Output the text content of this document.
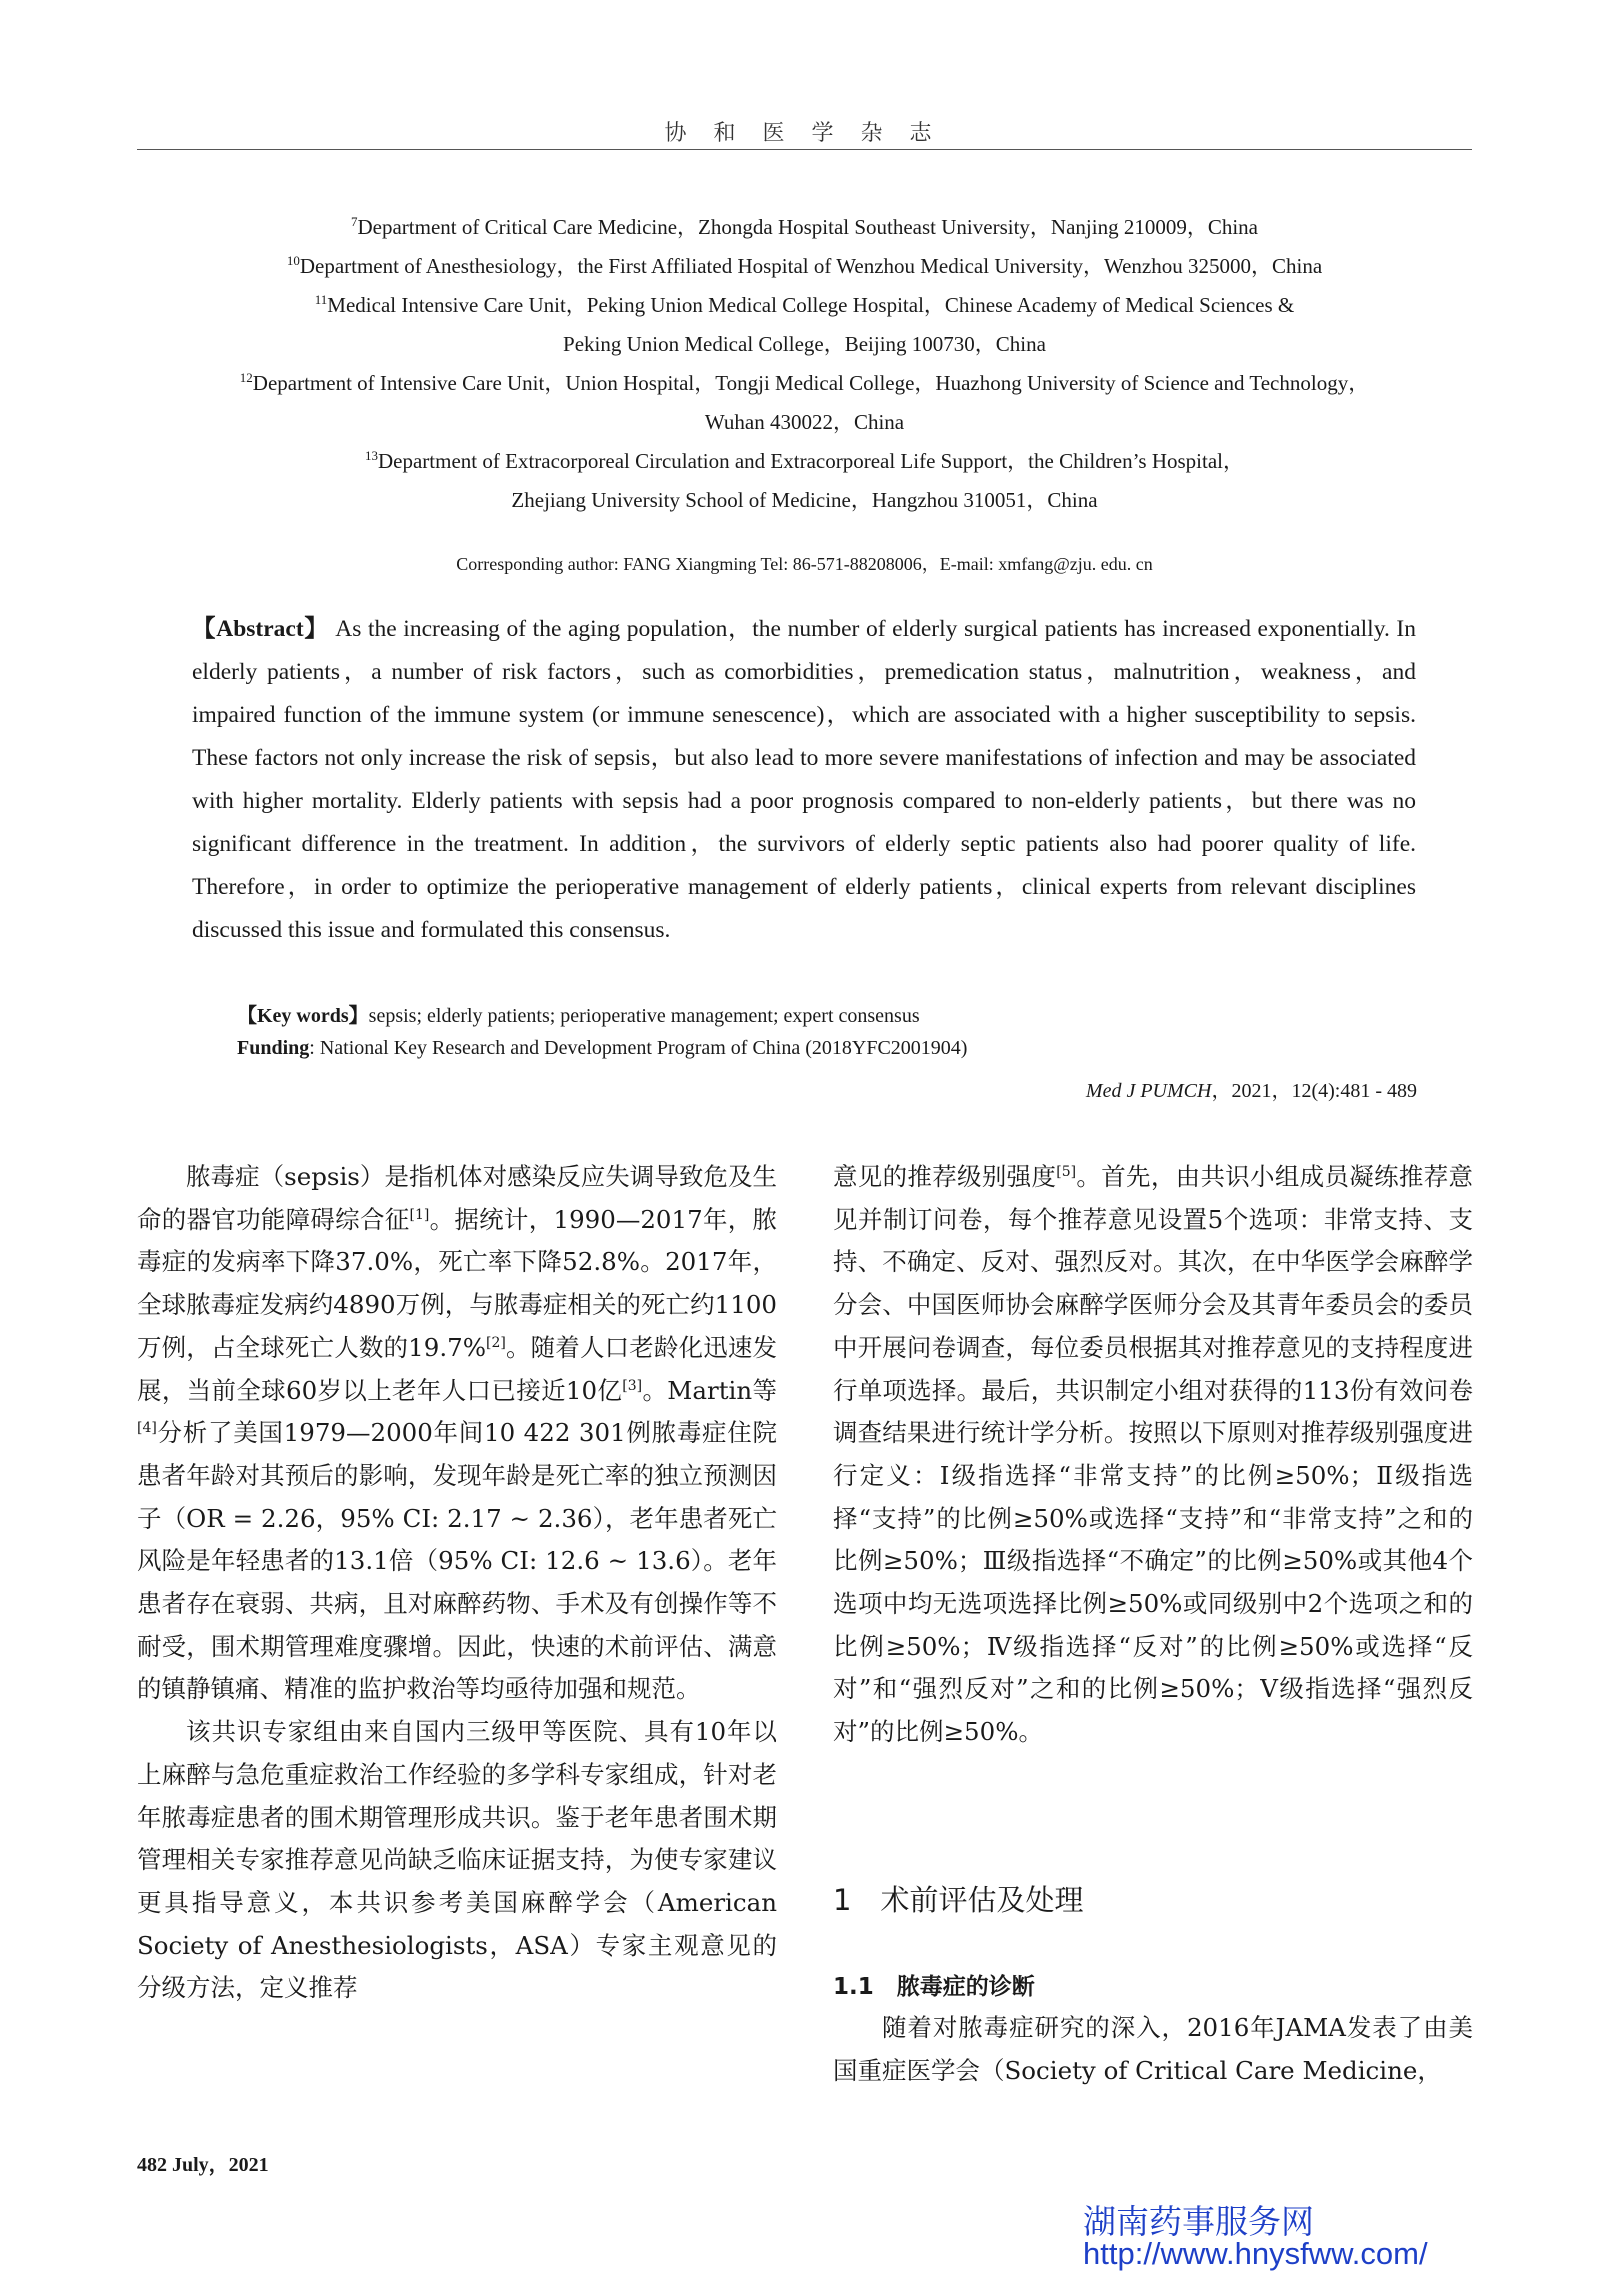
协 和 医 学 杂 志
$^7$Department of Critical Care Medicine，Zhongda Hospital Southeast University，Nanjing 210009，China
$^{10}$Department of Anesthesiology，the First Affiliated Hospital of Wenzhou Medical University，Wenzhou 325000，China
$^{11}$Medical Intensive Care Unit，Peking Union Medical College Hospital，Chinese Academy of Medical Sciences &
Peking Union Medical College，Beijing 100730，China
$^{12}$Department of Intensive Care Unit，Union Hospital，Tongji Medical College，Huazhong University of Science and Technology，
Wuhan 430022，China
$^{13}$Department of Extracorporeal Circulation and Extracorporeal Life Support，the Children’s Hospital，
Zhejiang University School of Medicine，Hangzhou 310051，China
Corresponding author: FANG Xiangming Tel: 86-571-88208006，E-mail: xmfang@zju. edu. cn
【Abstract】 As the increasing of the aging population，the number of elderly surgical patients has increased exponentially. In elderly patients，a number of risk factors，such as comorbidities，premedication status，malnutrition，weakness，and impaired function of the immune system (or immune senescence)，which are associated with a higher susceptibility to sepsis. These factors not only increase the risk of sepsis，but also lead to more severe manifestations of infection and may be associated with higher mortality. Elderly patients with sepsis had a poor prognosis compared to non-elderly patients，but there was no significant difference in the treatment. In addition，the survivors of elderly septic patients also had poorer quality of life. Therefore，in order to optimize the perioperative management of elderly patients，clinical experts from relevant disciplines discussed this issue and formulated this consensus.
【Key words】sepsis; elderly patients; perioperative management; expert consensus
Funding: National Key Research and Development Program of China (2018YFC2001904)
Med J PUMCH，2021，12(4):481 - 489

脓毒症（sepsis）是指机体对感染反应失调导致危及生命的器官功能障碍综合征[1]。据统计，1990—2017年，脓毒症的发病率下降37.0%，死亡率下降52.8%。2017年，全球脓毒症发病约4890万例，与脓毒症相关的死亡约1100万例，占全球死亡人数的19.7%[2]。随着人口老龄化迅速发展，当前全球60岁以上老年人口已接近10亿[3]。Martin等[4]分析了美国1979—2000年间10 422 301例脓毒症住院患者年龄对其预后的影响，发现年龄是死亡率的独立预测因子（OR = 2.26，95% CI: 2.17 ~ 2.36），老年患者死亡风险是年轻患者的13.1倍（95% CI: 12.6 ~ 13.6）。老年患者存在衰弱、共病，且对麻醉药物、手术及有创操作等不耐受，围术期管理难度骤增。因此，快速的术前评估、满意的镇静镇痛、精准的监护救治等均亟待加强和规范。

该共识专家组由来自国内三级甲等医院、具有10年以上麻醉与急危重症救治工作经验的多学科专家组成，针对老年脓毒症患者的围术期管理形成共识。鉴于老年患者围术期管理相关专家推荐意见尚缺乏临床证据支持，为使专家建议更具指导意义，本共识参考美国麻醉学会（American Society of Anesthesiologists，ASA）专家主观意见的分级方法，定义推荐

意见的推荐级别强度[5]。首先，由共识小组成员凝练推荐意见并制订问卷，每个推荐意见设置5个选项：非常支持、支持、不确定、反对、强烈反对。其次，在中华医学会麻醉学分会、中国医师协会麻醉学医师分会及其青年委员会的委员中开展问卷调查，每位委员根据其对推荐意见的支持程度进行单项选择。最后，共识制定小组对获得的113份有效问卷调查结果进行统计学分析。按照以下原则对推荐级别强度进行定义：Ⅰ级指选择“非常支持”的比例≥50%；Ⅱ级指选择“支持”的比例≥50%或选择“支持”和“非常支持”之和的比例≥50%；Ⅲ级指选择“不确定”的比例≥50%或其他4个选项中均无选项选择比例≥50%或同级别中2个选项之和的比例≥50%；Ⅳ级指选择“反对”的比例≥50%或选择“反对”和“强烈反对”之和的比例≥50%；Ⅴ级指选择“强烈反对”的比例≥50%。

1　术前评估及处理
1.1　脓毒症的诊断

随着对脓毒症研究的深入，2016年JAMA发表了由美国重症医学会（Society of Critical Care Medicine，

482 July，2021
湖南药事服务网
http://www.hnysfww.com/
